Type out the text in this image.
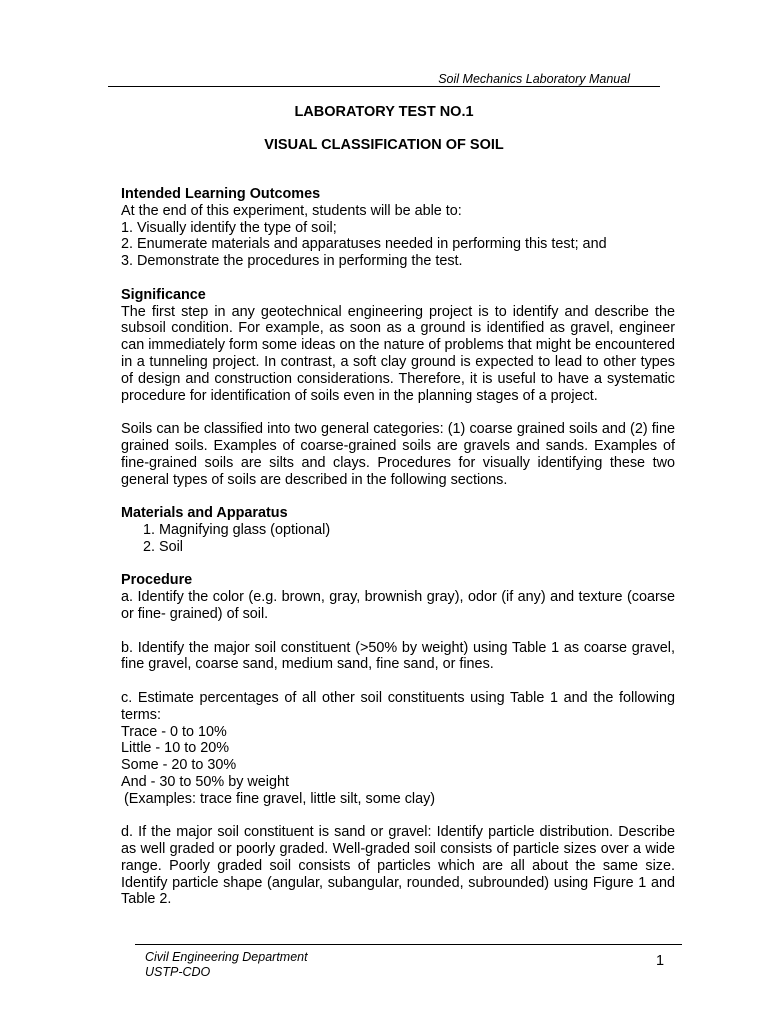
Soil Mechanics Laboratory Manual
LABORATORY TEST NO.1
VISUAL CLASSIFICATION OF SOIL

Intended Learning Outcomes

At the end of this experiment, students will be able to:

1. Visually identify the type of soil;

2. Enumerate materials and apparatuses needed in performing this test; and

3. Demonstrate the procedures in performing the test.

Significance

The first step in any geotechnical engineering project is to identify and describe the subsoil condition. For example, as soon as a ground is identified as gravel, engineer can immediately form some ideas on the nature of problems that might be encountered in a tunneling project. In contrast, a soft clay ground is expected to lead to other types of design and construction considerations. Therefore, it is useful to have a systematic procedure for identification of soils even in the planning stages of a project.

Soils can be classified into two general categories: (1) coarse grained soils and (2) fine grained soils. Examples of coarse-grained soils are gravels and sands. Examples of fine-grained soils are silts and clays. Procedures for visually identifying these two general types of soils are described in the following sections.

Materials and Apparatus

1. Magnifying glass (optional)

2. Soil

Procedure

a. Identify the color (e.g. brown, gray, brownish gray), odor (if any) and texture (coarse or fine- grained) of soil.

b. Identify the major soil constituent (>50% by weight) using Table 1 as coarse gravel, fine gravel, coarse sand, medium sand, fine sand, or fines.

c. Estimate percentages of all other soil constituents using Table 1 and the following terms:

Trace - 0 to 10%

Little - 10 to 20%

Some - 20 to 30%

And - 30 to 50% by weight

(Examples: trace fine gravel, little silt, some clay)

d. If the major soil constituent is sand or gravel: Identify particle distribution. Describe as well graded or poorly graded. Well-graded soil consists of particle sizes over a wide range. Poorly graded soil consists of particles which are all about the same size. Identify particle shape (angular, subangular, rounded, subrounded) using Figure 1 and Table 2.

Civil Engineering Department
USTP-CDO
1
